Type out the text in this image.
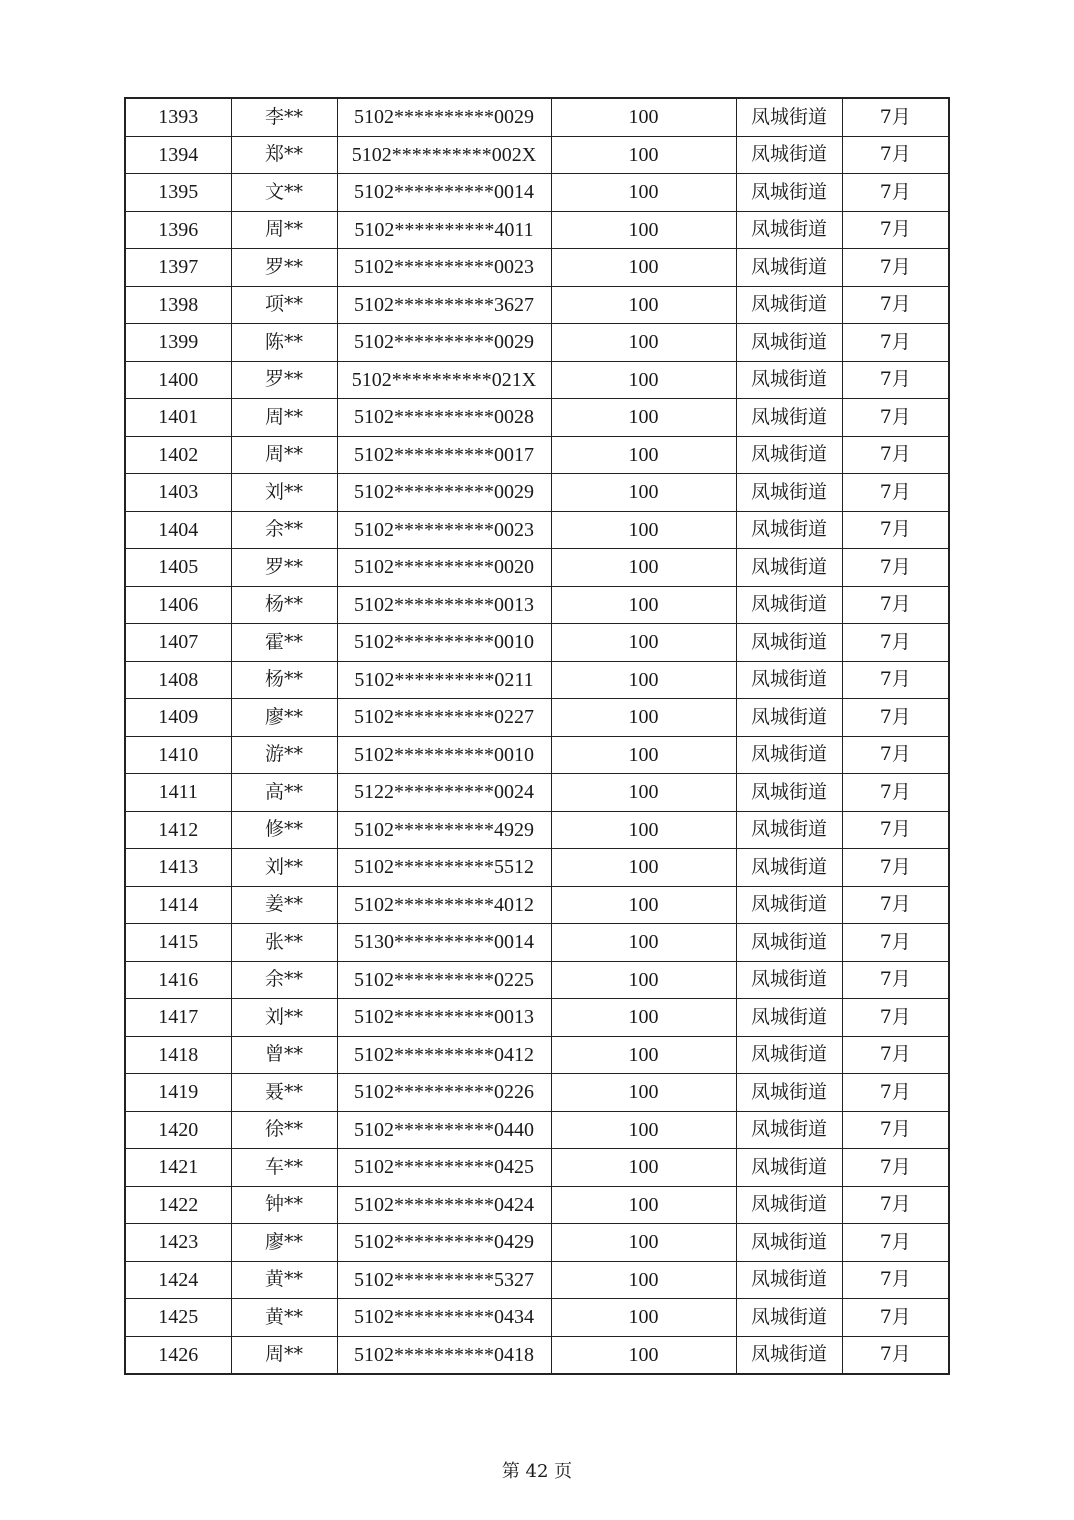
1393	李**	5102**********0029	100	凤城街道	7月
1394	郑**	5102**********002X	100	凤城街道	7月
1395	文**	5102**********0014	100	凤城街道	7月
1396	周**	5102**********4011	100	凤城街道	7月
1397	罗**	5102**********0023	100	凤城街道	7月
1398	项**	5102**********3627	100	凤城街道	7月
1399	陈**	5102**********0029	100	凤城街道	7月
1400	罗**	5102**********021X	100	凤城街道	7月
1401	周**	5102**********0028	100	凤城街道	7月
1402	周**	5102**********0017	100	凤城街道	7月
1403	刘**	5102**********0029	100	凤城街道	7月
1404	余**	5102**********0023	100	凤城街道	7月
1405	罗**	5102**********0020	100	凤城街道	7月
1406	杨**	5102**********0013	100	凤城街道	7月
1407	霍**	5102**********0010	100	凤城街道	7月
1408	杨**	5102**********0211	100	凤城街道	7月
1409	廖**	5102**********0227	100	凤城街道	7月
1410	游**	5102**********0010	100	凤城街道	7月
1411	高**	5122**********0024	100	凤城街道	7月
1412	修**	5102**********4929	100	凤城街道	7月
1413	刘**	5102**********5512	100	凤城街道	7月
1414	姜**	5102**********4012	100	凤城街道	7月
1415	张**	5130**********0014	100	凤城街道	7月
1416	余**	5102**********0225	100	凤城街道	7月
1417	刘**	5102**********0013	100	凤城街道	7月
1418	曾**	5102**********0412	100	凤城街道	7月
1419	聂**	5102**********0226	100	凤城街道	7月
1420	徐**	5102**********0440	100	凤城街道	7月
1421	车**	5102**********0425	100	凤城街道	7月
1422	钟**	5102**********0424	100	凤城街道	7月
1423	廖**	5102**********0429	100	凤城街道	7月
1424	黄**	5102**********5327	100	凤城街道	7月
1425	黄**	5102**********0434	100	凤城街道	7月
1426	周**	5102**********0418	100	凤城街道	7月
第 42 页
